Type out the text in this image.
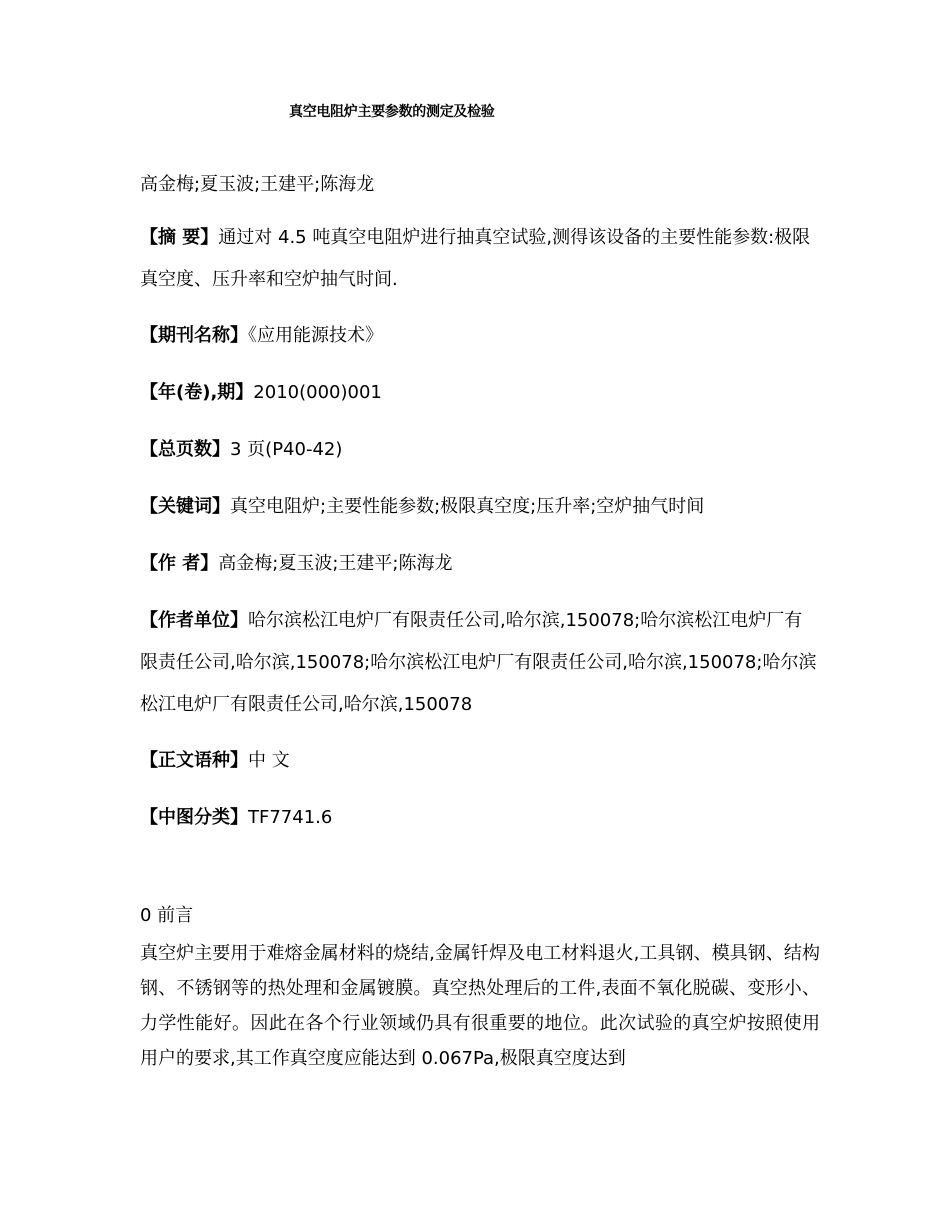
真空电阻炉主要参数的测定及检验
高金梅;夏玉波;王建平;陈海龙
【摘 要】通过对 4.5 吨真空电阻炉进行抽真空试验,测得该设备的主要性能参数:极限真空度、压升率和空炉抽气时间.
【期刊名称】《应用能源技术》
【年(卷),期】2010(000)001
【总页数】3 页(P40-42)
【关键词】真空电阻炉;主要性能参数;极限真空度;压升率;空炉抽气时间
【作 者】高金梅;夏玉波;王建平;陈海龙
【作者单位】哈尔滨松江电炉厂有限责任公司,哈尔滨,150078;哈尔滨松江电炉厂有限责任公司,哈尔滨,150078;哈尔滨松江电炉厂有限责任公司,哈尔滨,150078;哈尔滨松江电炉厂有限责任公司,哈尔滨,150078
【正文语种】中 文
【中图分类】TF7741.6
0 前言
真空炉主要用于难熔金属材料的烧结,金属钎焊及电工材料退火,工具钢、模具钢、结构钢、不锈钢等的热处理和金属镀膜。真空热处理后的工件,表面不氧化脱碳、变形小、力学性能好。因此在各个行业领域仍具有很重要的地位。此次试验的真空炉按照使用用户的要求,其工作真空度应能达到 0.067Pa,极限真空度达到
